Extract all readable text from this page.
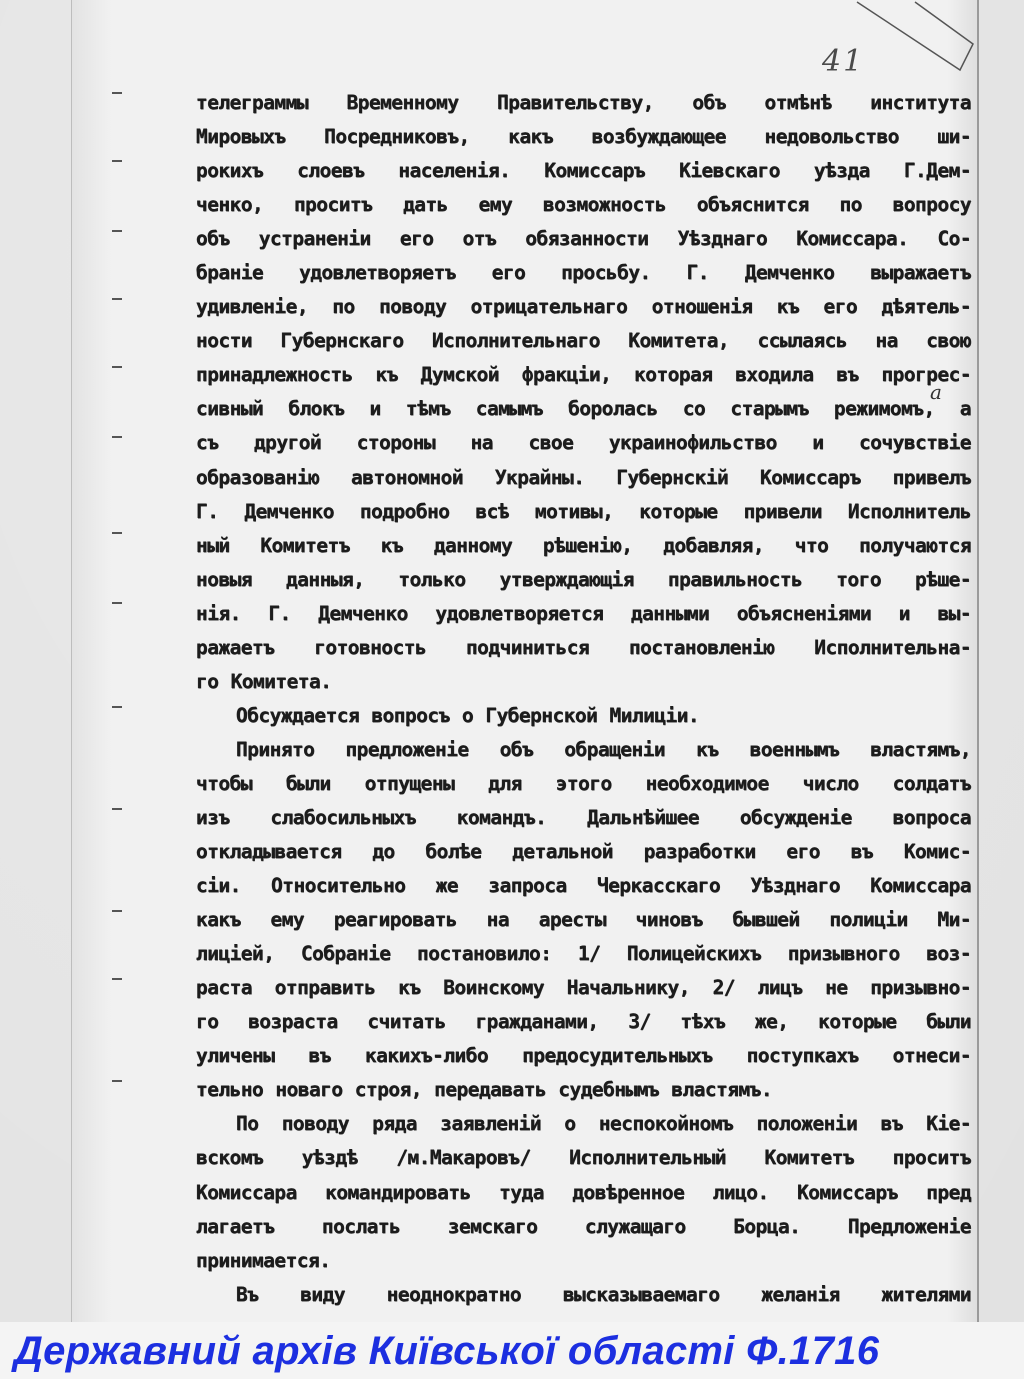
41
а
телеграммы Временному Правительству, объ отмѣнѣ института
Мировыхъ Посредниковъ, какъ возбуждающее недовольство ши-
рокихъ слоевъ населенія. Комиссаръ Кіевскаго уѣзда Г.Дем-
ченко, проситъ дать ему возможность объяснится по вопросу
объ устраненіи его отъ обязанности Уѣзднаго Комиссара. Со-
браніе удовлетворяетъ его просьбу. Г. Демченко выражаетъ
удивленіе, по поводу отрицательнаго отношенія къ его дѣятель-
ности Губернскаго Исполнительнаго Комитета, ссылаясь на свою
принадлежность къ Думской фракціи, которая входила въ прогрес-
сивный блокъ и тѣмъ самымъ боролась со старымъ режимомъ, а
съ другой стороны на свое украинофильство и сочувствіе
образованію автономной Украйны. Губернскій Комиссаръ привелъ
Г. Демченко подробно всѣ мотивы, которые привели Исполнитель
ный Комитетъ къ данному рѣшенію, добавляя, что получаются
новыя данныя, только утверждающія правильность того рѣше-
нія. Г. Демченко удовлетворяется данными объясненіями и вы-
ражаетъ готовность подчиниться постановленію Исполнительна-
го Комитета.
Обсуждается вопросъ о Губернской Милиціи.
Принято предложеніе объ обращеніи къ военнымъ властямъ,
чтобы были отпущены для этого необходимое число солдатъ
изъ слабосильныхъ командъ. Дальнѣйшее обсужденіе вопроса
откладывается до болѣе детальной разработки его въ Комис-
сіи. Относительно же запроса Черкасскаго Уѣзднаго Комиссара
какъ ему реагировать на аресты чиновъ бывшей полиціи Ми-
лиціей, Собраніе постановило: 1/ Полицейскихъ призывного воз-
раста отправить къ Воинскому Начальнику, 2/ лицъ не призывно-
го возраста считать гражданами, 3/ тѣхъ же, которые были
уличены въ какихъ-либо предосудительныхъ поступкахъ отнеси-
тельно новаго строя, передавать судебнымъ властямъ.
По поводу ряда заявленій о неспокойномъ положеніи въ Кіе-
вскомъ уѣздѣ /м.Макаровъ/ Исполнительный Комитетъ проситъ
Комиссара командировать туда довѣренное лицо. Комиссаръ пред
лагаетъ послать земскаго служащаго Борца. Предложеніе
принимается.
Въ виду неоднократно высказываемаго желанія жителями
Державний архів Київської області Ф.1716
